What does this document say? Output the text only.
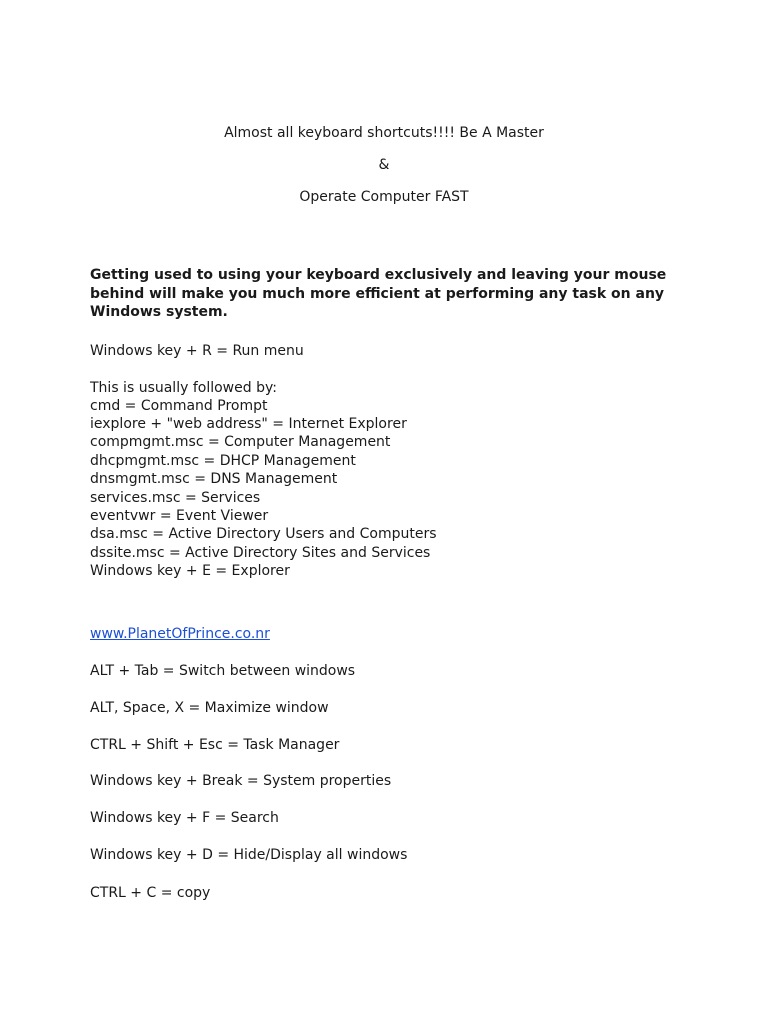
Almost all keyboard shortcuts!!!! Be A Master
&
Operate Computer FAST
Getting used to using your keyboard exclusively and leaving your mouse behind will make you much more efficient at performing any task on any Windows system.
Windows key + R = Run menu
This is usually followed by:
cmd = Command Prompt
iexplore + "web address" = Internet Explorer
compmgmt.msc = Computer Management
dhcpmgmt.msc = DHCP Management
dnsmgmt.msc = DNS Management
services.msc = Services
eventvwr = Event Viewer
dsa.msc = Active Directory Users and Computers
dssite.msc = Active Directory Sites and Services
Windows key + E = Explorer
www.PlanetOfPrince.co.nr
ALT + Tab = Switch between windows
ALT, Space, X = Maximize window
CTRL + Shift + Esc = Task Manager
Windows key + Break = System properties
Windows key + F = Search
Windows key + D = Hide/Display all windows
CTRL + C = copy
